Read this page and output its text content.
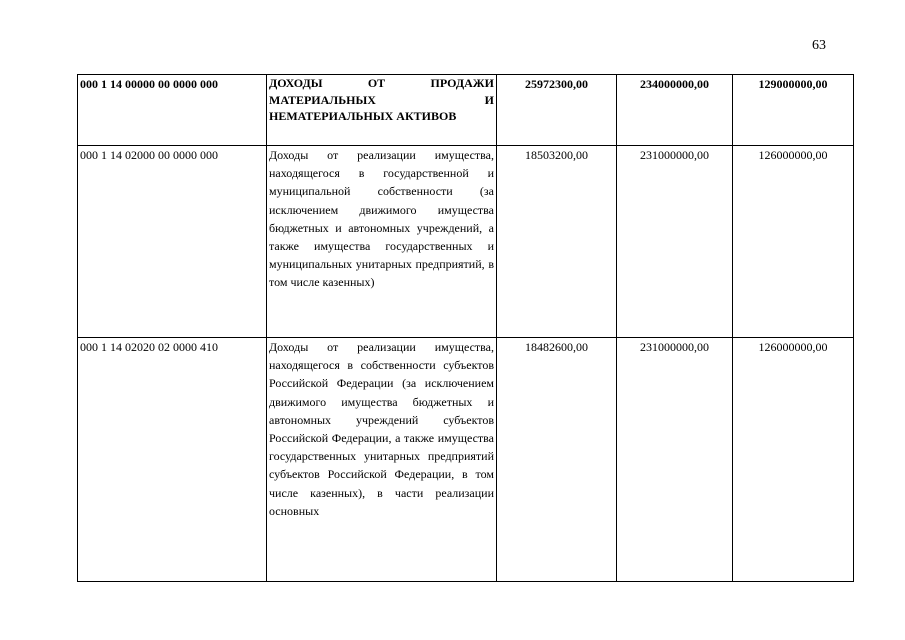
63
000 1 14 00000 00 0000 000	ДОХОДЫ ОТ ПРОДАЖИ МАТЕРИАЛЬНЫХ И НЕМАТЕРИАЛЬНЫХ АКТИВОВ	25972300,00	234000000,00	129000000,00
000 1 14 02000 00 0000 000	Доходы от реализации имущества, находящегося в государственной и муниципальной собственности (за исключением движимого имущества бюджетных и автономных учреждений, а также имущества государственных и муниципальных унитарных предприятий, в том числе казенных)	18503200,00	231000000,00	126000000,00
000 1 14 02020 02 0000 410	Доходы от реализации имущества, находящегося в собственности субъектов Российской Федерации (за исключением движимого имущества бюджетных и автономных учреждений субъектов Российской Федерации, а также имущества государственных унитарных предприятий субъектов Российской Федерации, в том числе казенных), в части реализации основных	18482600,00	231000000,00	126000000,00
